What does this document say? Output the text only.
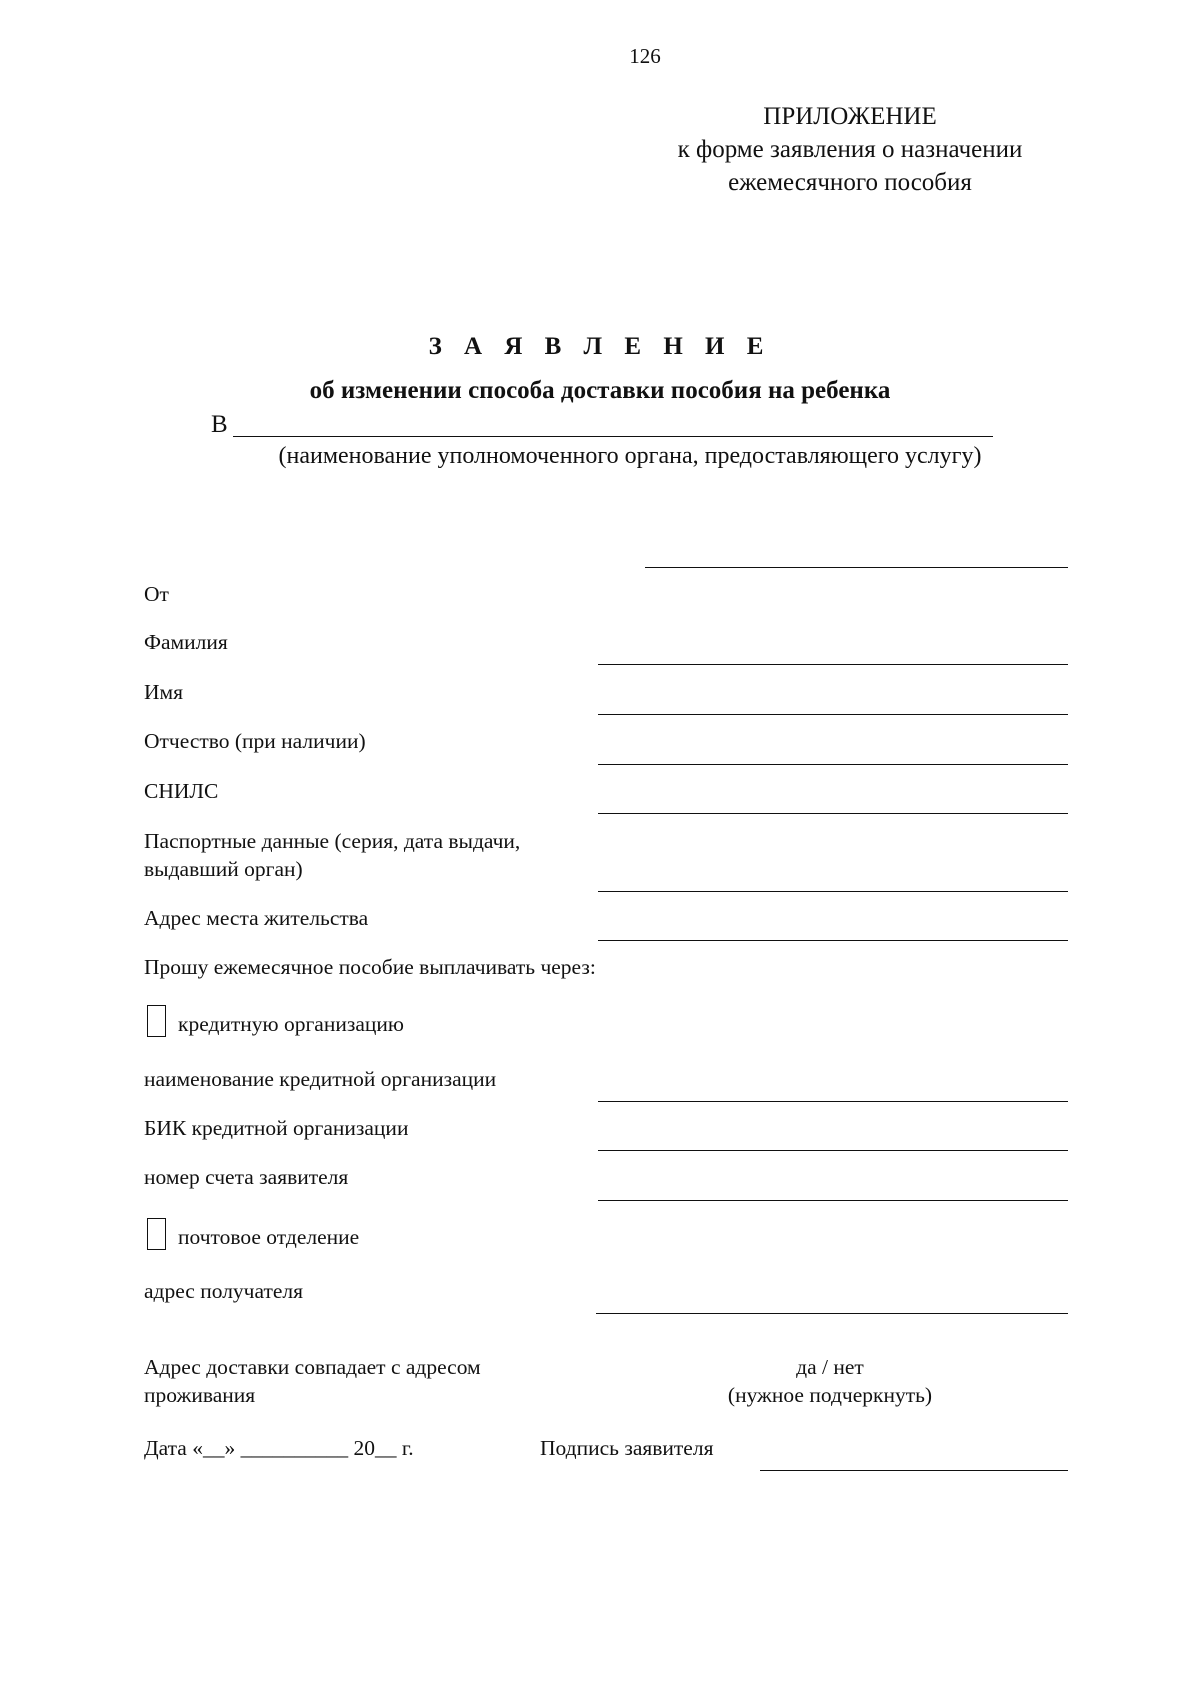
126
ПРИЛОЖЕНИЕ
к форме заявления о назначении
ежемесячного пособия
З А Я В Л Е Н И Е
об изменении способа доставки пособия на ребенка
В
(наименование уполномоченного органа, предоставляющего услугу)
От
Фамилия
Имя
Отчество (при наличии)
СНИЛС
Паспортные данные (серия, дата выдачи,
выдавший орган)
Адрес места жительства
Прошу ежемесячное пособие выплачивать через:
кредитную организацию
наименование кредитной организации
БИК кредитной организации
номер счета заявителя
почтовое отделение
адрес получателя
Адрес доставки совпадает с адресом
проживания
да / нет
(нужное подчеркнуть)
Дата «__» __________ 20__ г.	Подпись заявителя
